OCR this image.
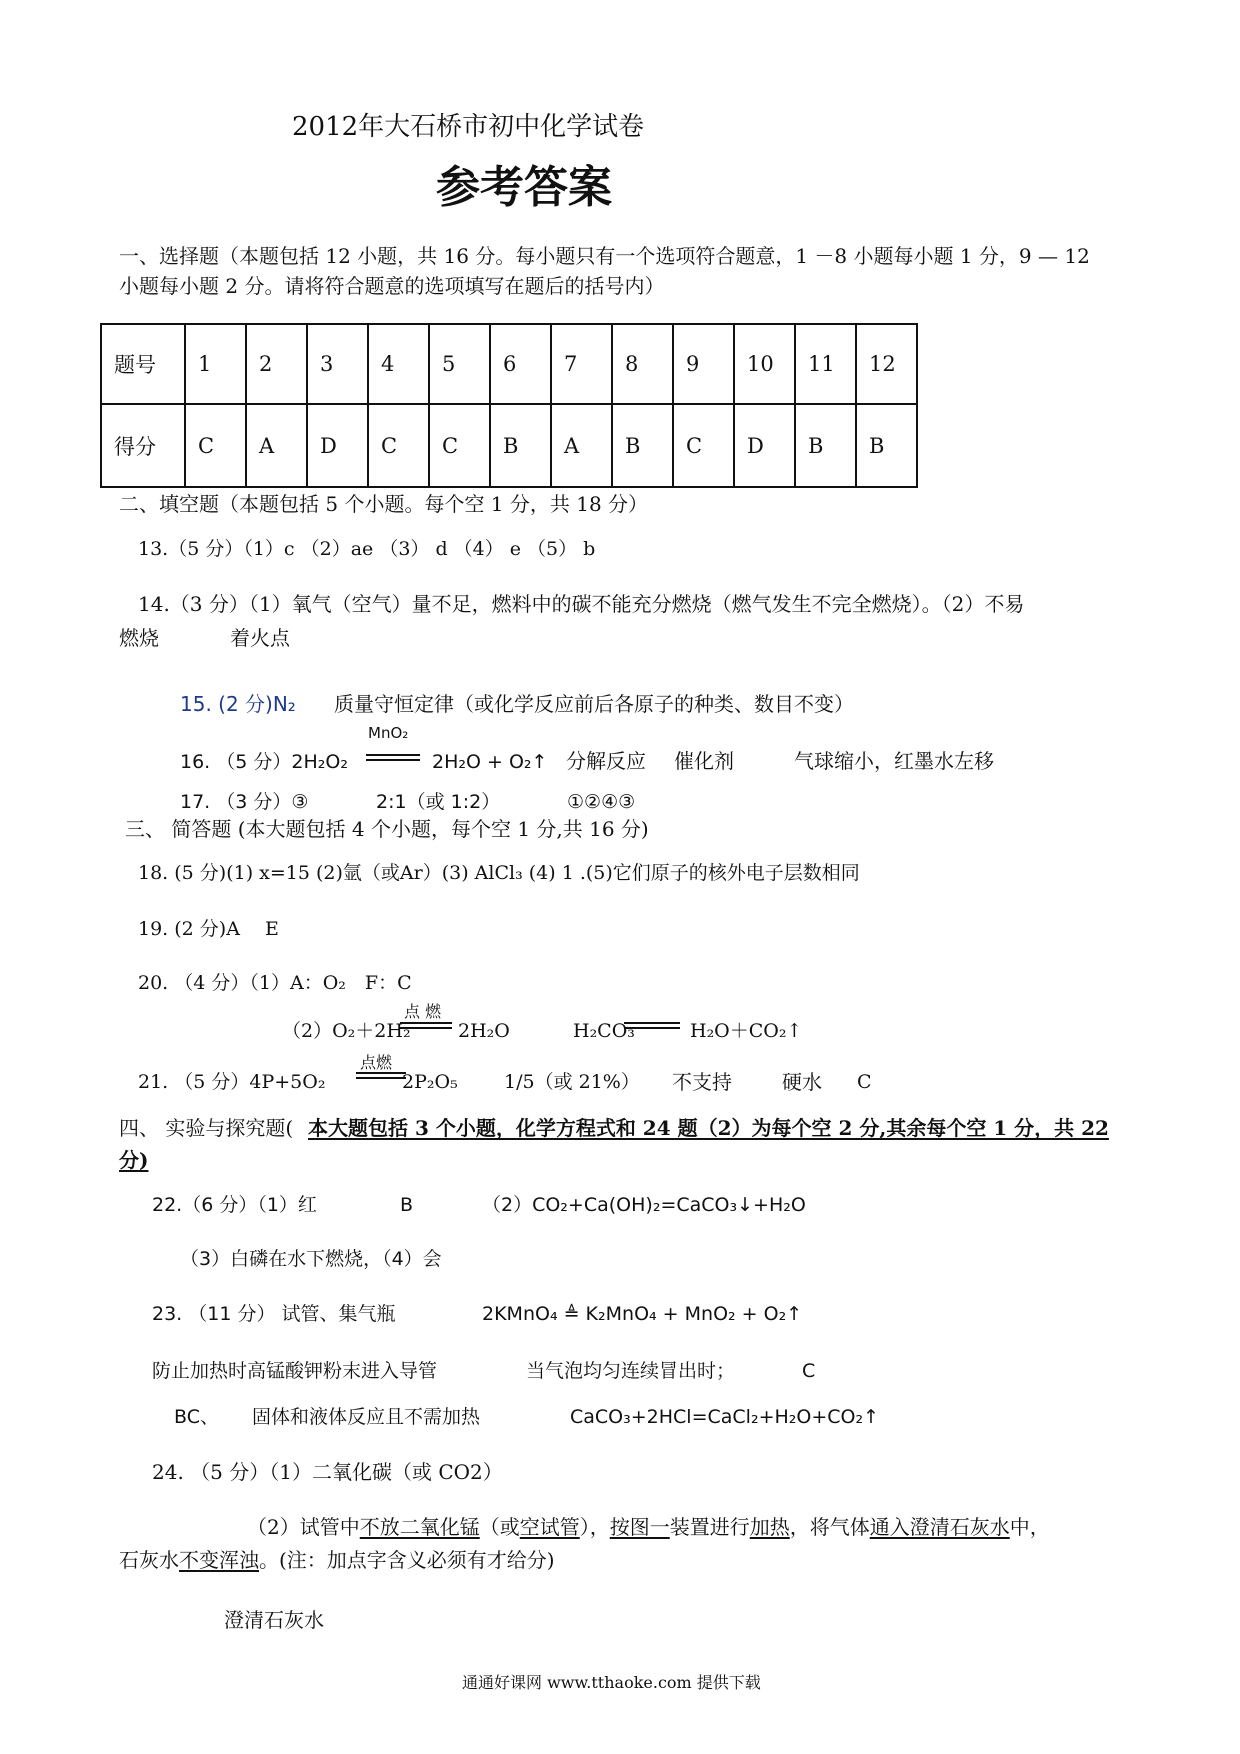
2012年大石桥市初中化学试卷
参考答案
一、选择题（本题包括 12 小题，共 16 分。每小题只有一个选项符合题意，1 －8 小题每小题 1 分，9 — 12
小题每小题 2 分。请将符合题意的选项填写在题后的括号内）
题号	1	2	3	4	5	6	7	8	9	10	11	12
得分	C	A	D	C	C	B	A	B	C	D	B	B
二、填空题（本题包括 5 个小题。每个空 1 分，共 18 分）
13.（5 分）（1）c （2）ae （3） d （4） e （5） b
14.（3 分）（1）氧气（空气）量不足，燃料中的碳不能充分燃烧（燃气发生不完全燃烧）。（2）不易
燃烧	着火点
15. (2 分)N₂ 质量守恒定律（或化学反应前后各原子的种类、数目不变）
16. （5 分）2H₂O₂
MnO₂
2H₂O + O₂↑ 分解反应 催化剂	气球缩小，红墨水左移
17. （3 分）③	2:1（或 1:2）	①②④③
三、 简答题 (本大题包括 4 个小题，每个空 1 分,共 16 分)
18. (5 分)(1) x=15 (2)氩（或Ar）(3) AlCl₃ (4) 1 .(5)它们原子的核外电子层数相同
19. (2 分)A　 E
20. （4 分）（1）A：O₂　F：C
（2）O₂＋2H₂
点 燃
2H₂O	H₂CO₃	H₂O＋CO₂↑
21. （5 分）4P+5O₂
点燃
2P₂O₅ 1/5（或 21%） 不支持	硬水 C
四、 实验与探究题( 本大题包括 3 个小题，化学方程式和 24 题（2）为每个空 2 分,其余每个空 1 分，共 22
分)
22.（6 分）（1）红	B	（2）CO₂+Ca(OH)₂=CaCO₃↓+H₂O
（3）白磷在水下燃烧，（4）会
23. （11 分） 试管、集气瓶	2KMnO₄ ≜ K₂MnO₄ + MnO₂ + O₂↑
防止加热时高锰酸钾粉末进入导管	当气泡均匀连续冒出时；	C
BC、 固体和液体反应且不需加热	CaCO₃+2HCl=CaCl₂+H₂O+CO₂↑
24. （5 分）（1）二氧化碳（或 CO2）
（2）试管中不放二氧化锰（或空试管），按图一装置进行加热，将气体通入澄清石灰水中，
石灰水不变浑浊。(注：加点字含义必须有才给分)
澄清石灰水
通通好课网 www.tthaoke.com 提供下载
